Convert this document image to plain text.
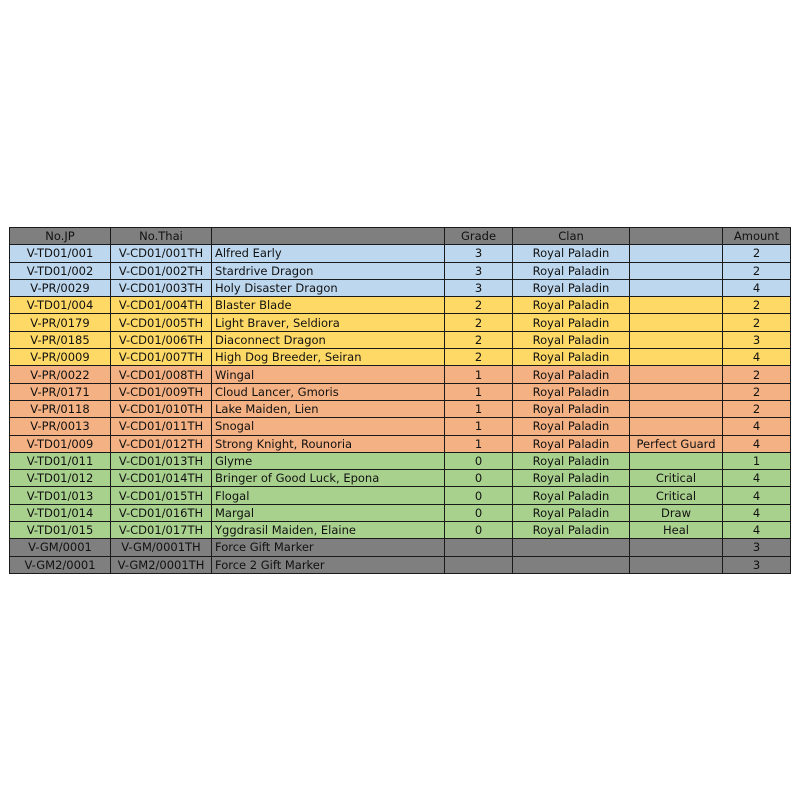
No.JP	No.Thai		Grade	Clan		Amount
V-TD01/001	V-CD01/001TH	Alfred Early	3	Royal Paladin		2
V-TD01/002	V-CD01/002TH	Stardrive Dragon	3	Royal Paladin		2
V-PR/0029	V-CD01/003TH	Holy Disaster Dragon	3	Royal Paladin		4
V-TD01/004	V-CD01/004TH	Blaster Blade	2	Royal Paladin		2
V-PR/0179	V-CD01/005TH	Light Braver, Seldiora	2	Royal Paladin		2
V-PR/0185	V-CD01/006TH	Diaconnect Dragon	2	Royal Paladin		3
V-PR/0009	V-CD01/007TH	High Dog Breeder, Seiran	2	Royal Paladin		4
V-PR/0022	V-CD01/008TH	Wingal	1	Royal Paladin		2
V-PR/0171	V-CD01/009TH	Cloud Lancer, Gmoris	1	Royal Paladin		2
V-PR/0118	V-CD01/010TH	Lake Maiden, Lien	1	Royal Paladin		2
V-PR/0013	V-CD01/011TH	Snogal	1	Royal Paladin		4
V-TD01/009	V-CD01/012TH	Strong Knight, Rounoria	1	Royal Paladin	Perfect Guard	4
V-TD01/011	V-CD01/013TH	Glyme	0	Royal Paladin		1
V-TD01/012	V-CD01/014TH	Bringer of Good Luck, Epona	0	Royal Paladin	Critical	4
V-TD01/013	V-CD01/015TH	Flogal	0	Royal Paladin	Critical	4
V-TD01/014	V-CD01/016TH	Margal	0	Royal Paladin	Draw	4
V-TD01/015	V-CD01/017TH	Yggdrasil Maiden, Elaine	0	Royal Paladin	Heal	4
V-GM/0001	V-GM/0001TH	Force Gift Marker				3
V-GM2/0001	V-GM2/0001TH	Force 2 Gift Marker				3
